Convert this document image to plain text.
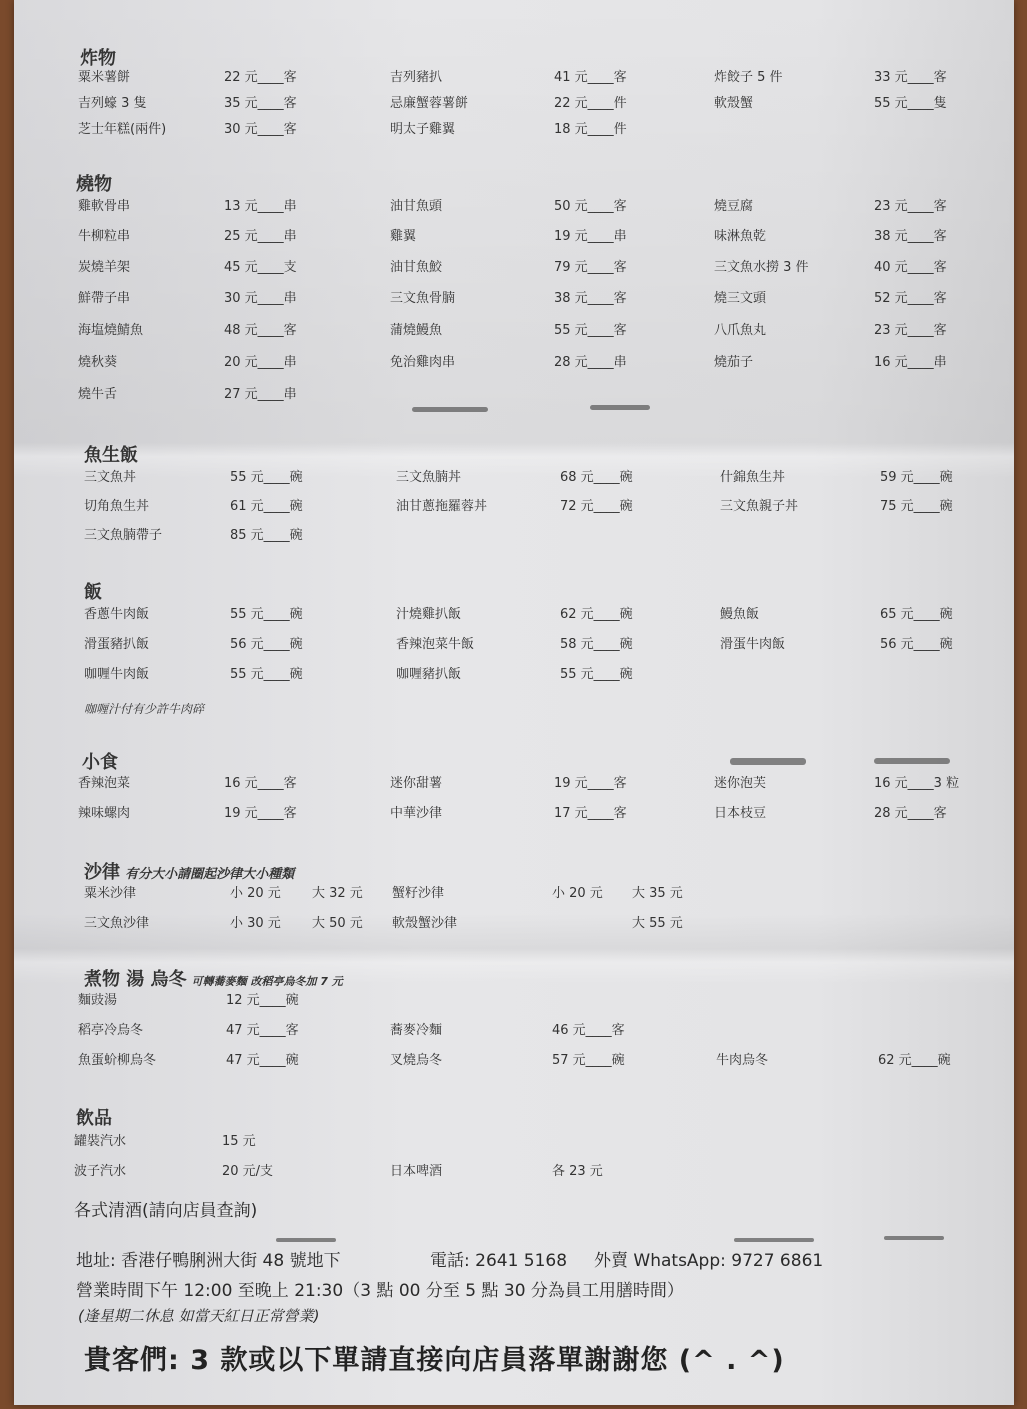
炸物
粟米薯餅	22 元____客	吉列豬扒	41 元____客	炸餃子 5 件	33 元____客
吉列蠔 3 隻	35 元____客	忌廉蟹蓉薯餅	22 元____件	軟殼蟹	55 元____隻
芝士年糕(兩件)	30 元____客	明太子雞翼	18 元____件
燒物
雞軟骨串	13 元____串	油甘魚頭	50 元____客	燒豆腐	23 元____客
牛柳粒串	25 元____串	雞翼	19 元____串	味淋魚乾	38 元____客
炭燒羊架	45 元____支	油甘魚鮫	79 元____客	三文魚水撈 3 件	40 元____客
鮮帶子串	30 元____串	三文魚骨腩	38 元____客	燒三文頭	52 元____客
海塩燒鯖魚	48 元____客	蒲燒鰻魚	55 元____客	八爪魚丸	23 元____客
燒秋葵	20 元____串	免治雞肉串	28 元____串	燒茄子	16 元____串
燒牛舌	27 元____串
魚生飯
三文魚丼	55 元____碗	三文魚腩丼	68 元____碗	什錦魚生丼	59 元____碗
切角魚生丼	61 元____碗	油甘蔥拖羅蓉丼	72 元____碗	三文魚親子丼	75 元____碗
三文魚腩帶子	85 元____碗
飯
香蔥牛肉飯	55 元____碗	汁燒雞扒飯	62 元____碗	鰻魚飯	65 元____碗
滑蛋豬扒飯	56 元____碗	香辣泡菜牛飯	58 元____碗	滑蛋牛肉飯	56 元____碗
咖喱牛肉飯	55 元____碗	咖喱豬扒飯	55 元____碗
小食
香辣泡菜	16 元____客	迷你甜薯	19 元____客	迷你泡芙	16 元____3 粒
辣味螺肉	19 元____客	中華沙律	17 元____客	日本枝豆	28 元____客
咖喱汁付有少許牛肉碎
沙律 有分大小請圈起沙律大小種類
粟米沙律	小 20 元 大 32 元 蟹籽沙律	小 20 元 大 35 元
三文魚沙律	小 30 元 大 50 元 軟殼蟹沙律	大 55 元
煮物 湯 烏冬 可轉蕎麥麵 改稻亭烏冬加 7 元
麵豉湯	12 元____碗
稻亭冷烏冬	47 元____客	蕎麥冷麵	46 元____客
魚蛋蚧柳烏冬	47 元____碗	叉燒烏冬	57 元____碗	牛肉烏冬	62 元____碗
飲品
罐裝汽水	15 元
波子汽水	20 元/支	日本啤酒	各 23 元
各式清酒(請向店員查詢)
地址: 香港仔鴨脷洲大街 48 號地下	電話: 2641 5168 外賣 WhatsApp: 9727 6861
營業時間下午 12:00 至晚上 21:30（3 點 00 分至 5 點 30 分為員工用膳時間）
(逢星期二休息 如當天紅日正常營業)
貴客們: 3 款或以下單請直接向店員落單謝謝您 (^ . ^)
